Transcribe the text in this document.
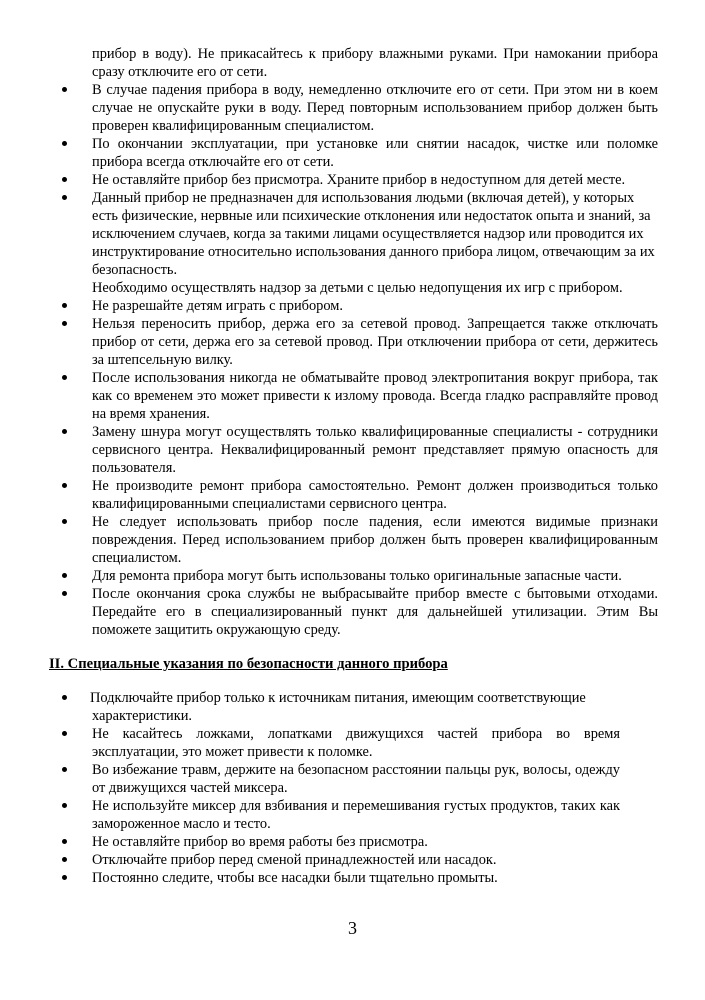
прибор в воду). Не прикасайтесь к прибору влажными руками. При намокании прибора сразу отключите его от сети.
В случае падения прибора в воду, немедленно отключите его от сети. При этом ни в коем случае не опускайте руки в воду. Перед повторным использованием прибор должен быть проверен квалифицированным специалистом.
По окончании эксплуатации, при установке или снятии насадок, чистке или поломке прибора всегда отключайте его от сети.
Не оставляйте прибор без присмотра. Храните прибор в недоступном для детей месте.
Данный прибор не предназначен для использования людьми (включая детей), у которых есть физические, нервные или психические отклонения или недостаток опыта и знаний, за исключением случаев, когда за такими лицами осуществляется надзор или проводится их инструктирование относительно использования данного прибора лицом, отвечающим за их безопасность.
Необходимо осуществлять надзор за детьми с целью недопущения их игр с прибором.
Не разрешайте детям играть с прибором.
Нельзя переносить прибор, держа его за сетевой провод. Запрещается также отключать прибор от сети, держа его за сетевой провод. При отключении прибора от сети, держитесь за штепсельную вилку.
После использования никогда не обматывайте провод электропитания вокруг прибора, так как со временем это может привести к излому провода. Всегда гладко расправляйте провод на время хранения.
Замену шнура могут осуществлять только квалифицированные специалисты - сотрудники сервисного центра. Неквалифицированный ремонт представляет прямую опасность для пользователя.
Не производите ремонт прибора самостоятельно. Ремонт должен производиться только квалифицированными специалистами сервисного центра.
Не следует использовать прибор после падения, если имеются видимые признаки повреждения. Перед использованием прибор должен быть проверен квалифицированным специалистом.
Для ремонта прибора могут быть использованы только оригинальные запасные части.
После окончания срока службы не выбрасывайте прибор вместе с бытовыми отходами. Передайте его в специализированный пункт для дальнейшей утилизации. Этим Вы поможете защитить окружающую среду.
II. Специальные указания по безопасности данного прибора
Подключайте прибор только к источникам питания, имеющим соответствующие характеристики.
Не касайтесь ложками, лопатками движущихся частей прибора во время эксплуатации, это может привести к поломке.
Во избежание травм, держите на безопасном расстоянии пальцы рук, волосы, одежду от движущихся частей миксера.
Не используйте миксер для взбивания и перемешивания густых продуктов, таких как замороженное масло и тесто.
Не оставляйте прибор во время работы без присмотра.
Отключайте прибор перед сменой принадлежностей или насадок.
Постоянно следите, чтобы все насадки были тщательно промыты.
3
